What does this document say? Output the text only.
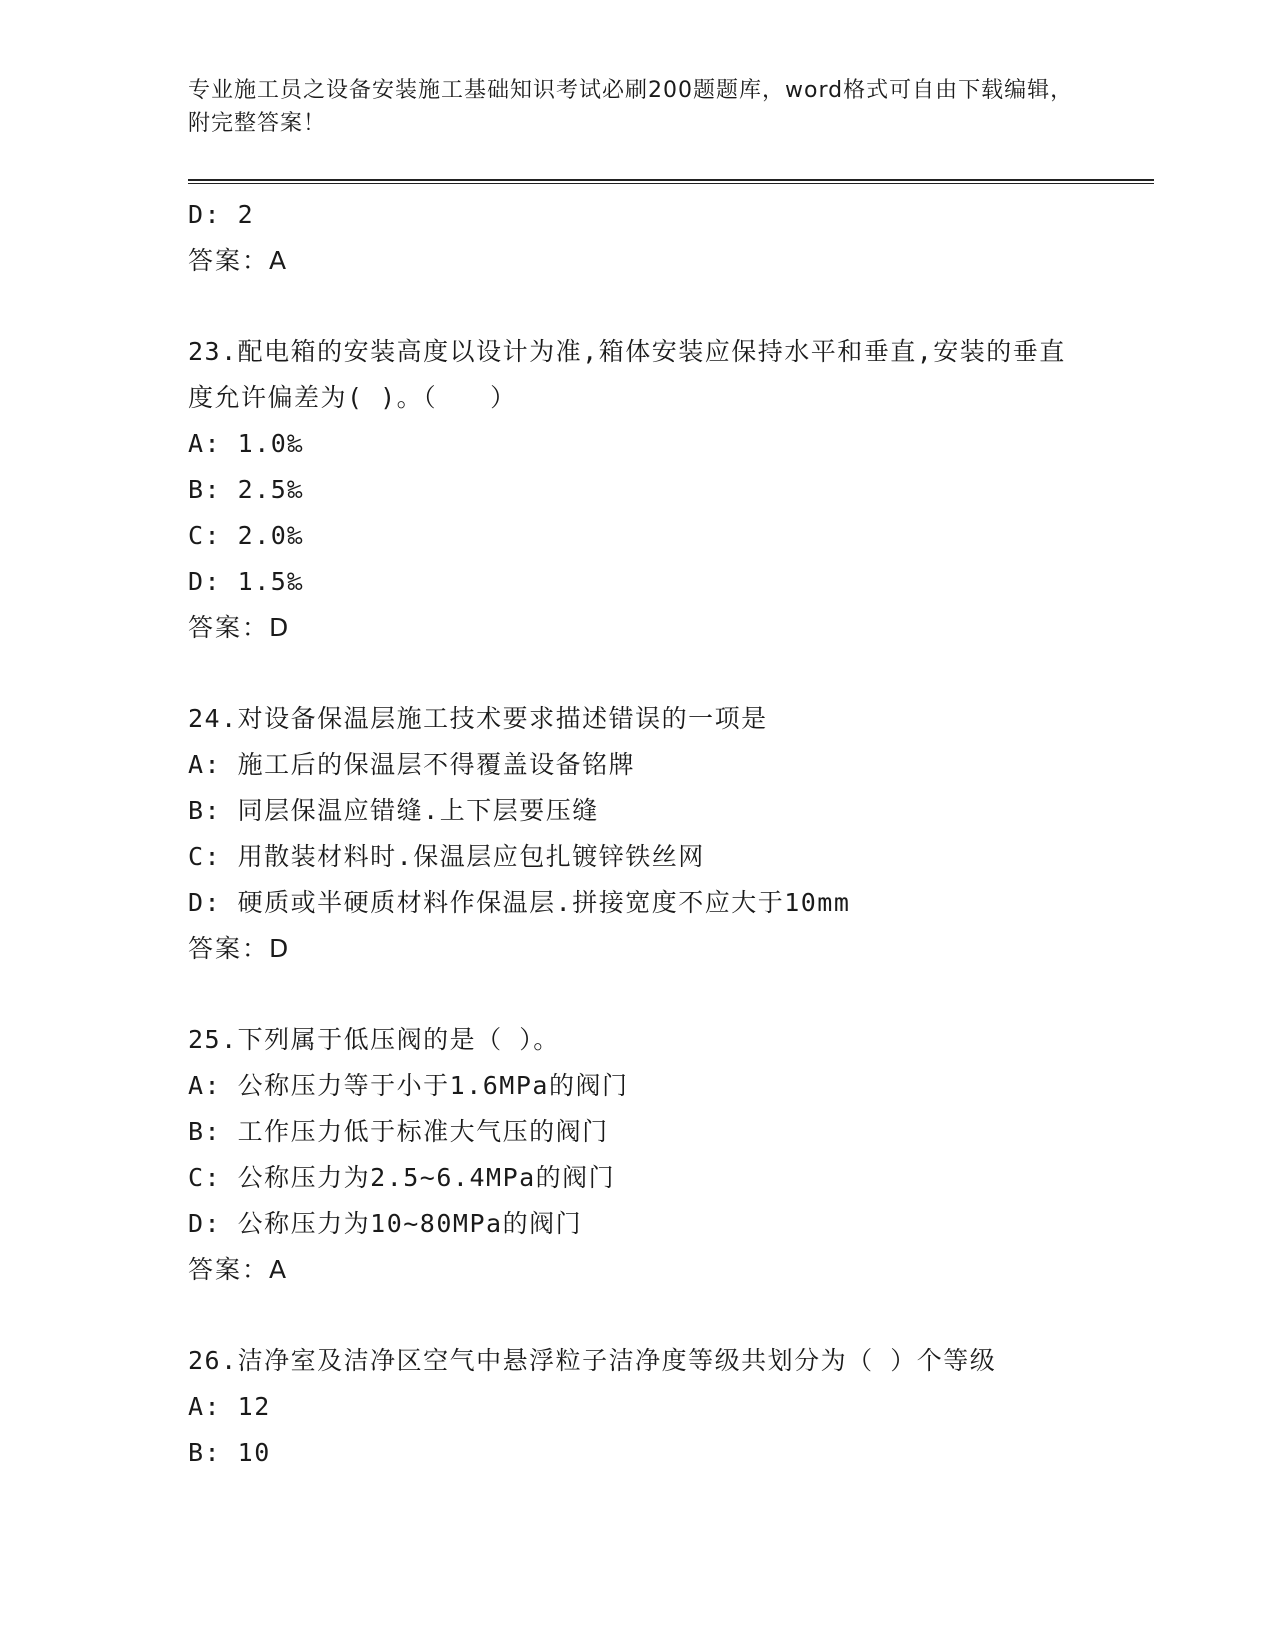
专业施工员之设备安装施工基础知识考试必刷200题题库，word格式可自由下载编辑，附完整答案！
D: 2
答案：A
23.配电箱的安装高度以设计为准,箱体安装应保持水平和垂直,安装的垂直度允许偏差为( )。（　　）
A: 1.0‰
B: 2.5‰
C: 2.0‰
D: 1.5‰
答案：D
24.对设备保温层施工技术要求描述错误的一项是
A: 施工后的保温层不得覆盖设备铭牌
B: 同层保温应错缝.上下层要压缝
C: 用散装材料时.保温层应包扎镀锌铁丝网
D: 硬质或半硬质材料作保温层.拼接宽度不应大于10mm
答案：D
25.下列属于低压阀的是（ ）。
A: 公称压力等于小于1.6MPa的阀门
B: 工作压力低于标准大气压的阀门
C: 公称压力为2.5~6.4MPa的阀门
D: 公称压力为10~80MPa的阀门
答案：A
26.洁净室及洁净区空气中悬浮粒子洁净度等级共划分为（ ）个等级
A: 12
B: 10
